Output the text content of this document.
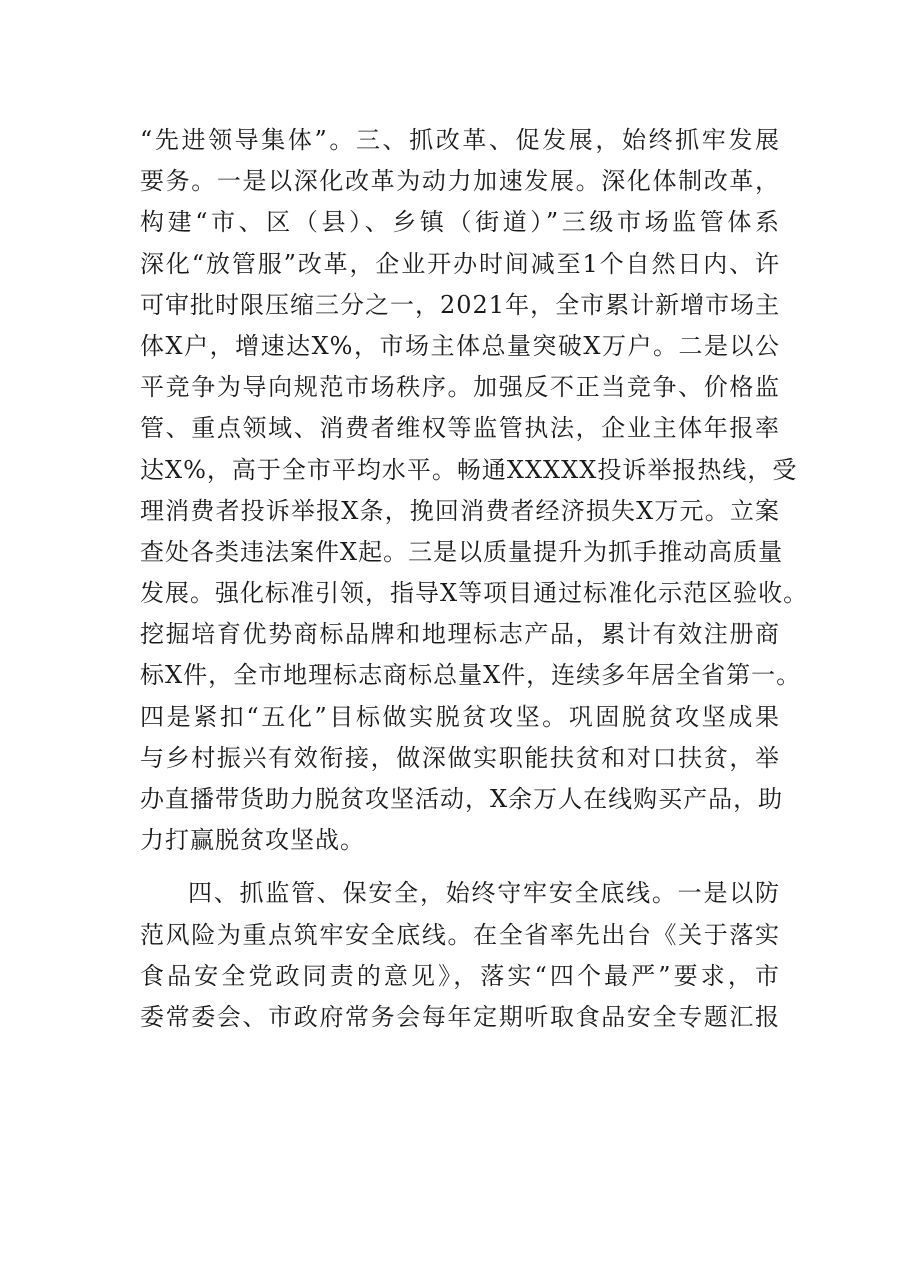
“先进领导集体”。三、抓改革、促发展，始终抓牢发展
要务。一是以深化改革为动力加速发展。深化体制改革，
构建“市、区（县）、乡镇（街道）”三级市场监管体系
深化“放管服”改革，企业开办时间减至1个自然日内、许
可审批时限压缩三分之一，2021年，全市累计新增市场主
体X户，增速达X%，市场主体总量突破X万户。二是以公
平竞争为导向规范市场秩序。加强反不正当竞争、价格监
管、重点领域、消费者维权等监管执法，企业主体年报率
达X%，高于全市平均水平。畅通XXXXX投诉举报热线，受
理消费者投诉举报X条，挽回消费者经济损失X万元。立案
查处各类违法案件X起。三是以质量提升为抓手推动高质量
发展。强化标准引领，指导X等项目通过标准化示范区验收。
挖掘培育优势商标品牌和地理标志产品，累计有效注册商
标X件，全市地理标志商标总量X件，连续多年居全省第一。
四是紧扣“五化”目标做实脱贫攻坚。巩固脱贫攻坚成果
与乡村振兴有效衔接，做深做实职能扶贫和对口扶贫，举
办直播带货助力脱贫攻坚活动，X余万人在线购买产品，助
力打赢脱贫攻坚战。
四、抓监管、保安全，始终守牢安全底线。一是以防
范风险为重点筑牢安全底线。在全省率先出台《关于落实
食品安全党政同责的意见》，落实“四个最严”要求，市
委常委会、市政府常务会每年定期听取食品安全专题汇报
